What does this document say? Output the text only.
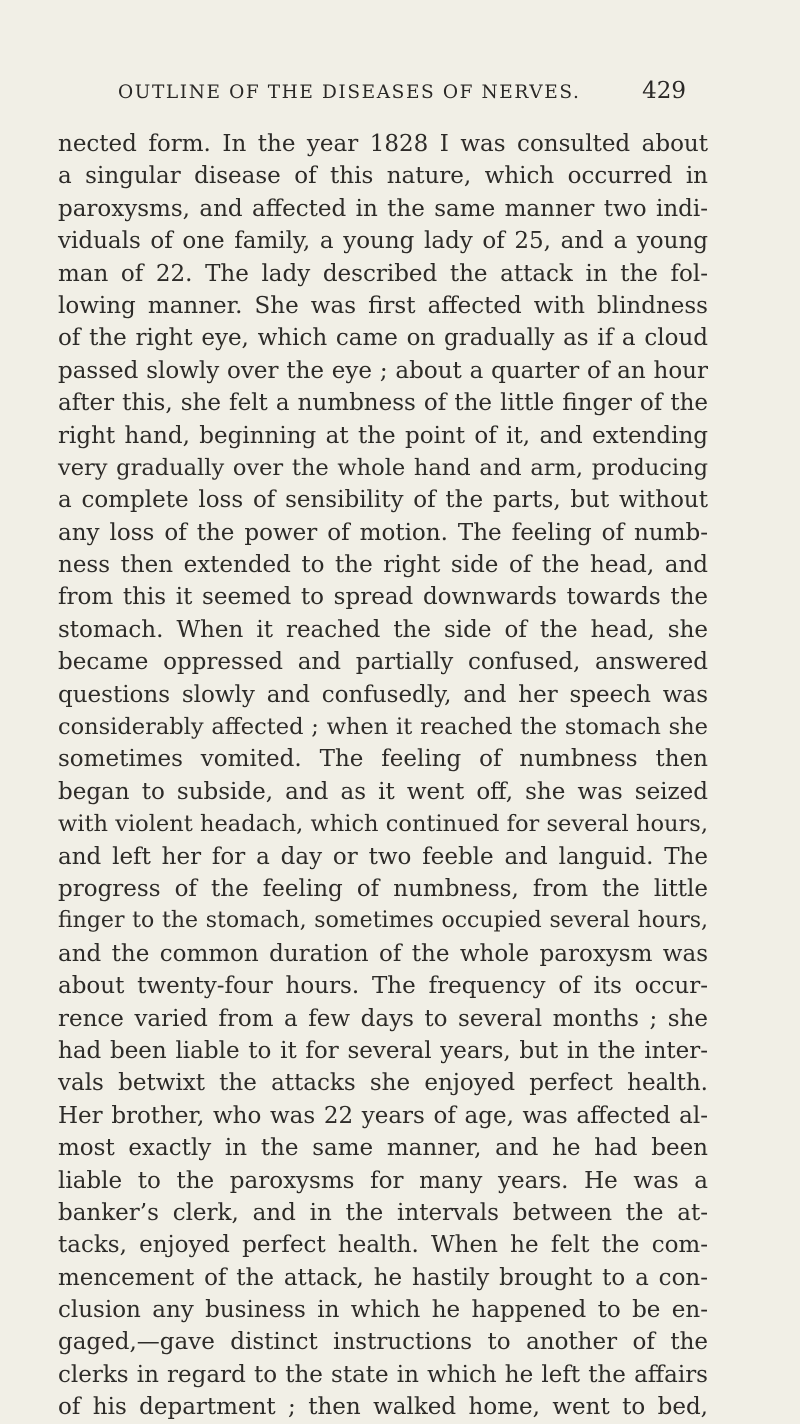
OUTLINE OF THE DISEASES OF NERVES.	429
nected form. In the year 1828 I was consulted about
a singular disease of this nature, which occurred in
paroxysms, and affected in the same manner two indi-
viduals of one family, a young lady of 25, and a young
man of 22. The lady described the attack in the fol-
lowing manner. She was first affected with blindness
of the right eye, which came on gradually as if a cloud
passed slowly over the eye ; about a quarter of an hour
after this, she felt a numbness of the little finger of the
right hand, beginning at the point of it, and extending
very gradually over the whole hand and arm, producing
a complete loss of sensibility of the parts, but without
any loss of the power of motion. The feeling of numb-
ness then extended to the right side of the head, and
from this it seemed to spread downwards towards the
stomach. When it reached the side of the head, she
became oppressed and partially confused, answered
questions slowly and confusedly, and her speech was
considerably affected ; when it reached the stomach she
sometimes vomited. The feeling of numbness then
began to subside, and as it went off, she was seized
with violent headach, which continued for several hours,
and left her for a day or two feeble and languid. The
progress of the feeling of numbness, from the little
finger to the stomach, sometimes occupied several hours,
and the common duration of the whole paroxysm was
about twenty-four hours. The frequency of its occur-
rence varied from a few days to several months ; she
had been liable to it for several years, but in the inter-
vals betwixt the attacks she enjoyed perfect health.
Her brother, who was 22 years of age, was affected al-
most exactly in the same manner, and he had been
liable to the paroxysms for many years. He was a
banker’s clerk, and in the intervals between the at-
tacks, enjoyed perfect health. When he felt the com-
mencement of the attack, he hastily brought to a con-
clusion any business in which he happened to be en-
gaged,—gave distinct instructions to another of the
clerks in regard to the state in which he left the affairs
of his department ; then walked home, went to bed,
